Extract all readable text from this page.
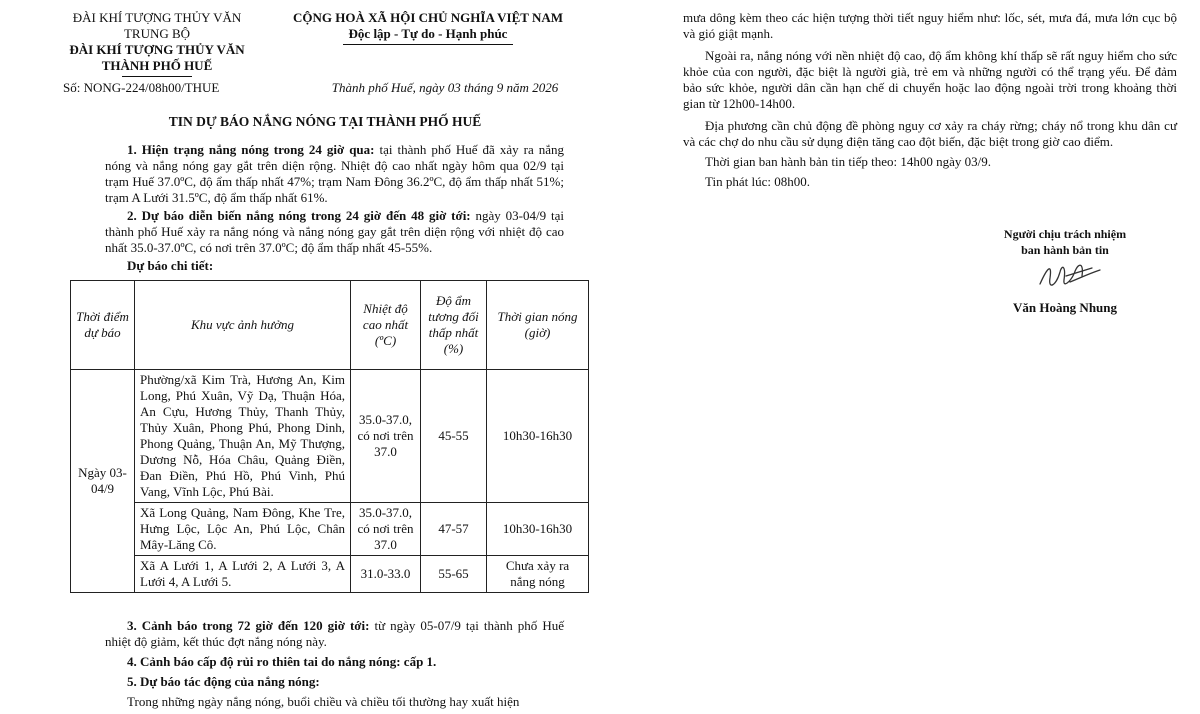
ĐÀI KHÍ TƯỢNG THỦY VĂN
TRUNG BỘ
ĐÀI KHÍ TƯỢNG THỦY VĂN
THÀNH PHỐ HUẾ
CỘNG HOÀ XÃ HỘI CHỦ NGHĨA VIỆT NAM
Độc lập - Tự do - Hạnh phúc
Số: NONG-224/08h00/THUE	Thành phố Huế, ngày 03 tháng 9 năm 2026
TIN DỰ BÁO NẮNG NÓNG TẠI THÀNH PHỐ HUẾ

1. Hiện trạng nắng nóng trong 24 giờ qua: tại thành phố Huế đã xảy ra nắng nóng và nắng nóng gay gắt trên diện rộng. Nhiệt độ cao nhất ngày hôm qua 02/9 tại trạm Huế 37.0ºC, độ ẩm thấp nhất 47%; trạm Nam Đông 36.2ºC, độ ẩm thấp nhất 51%; trạm A Lưới 31.5ºC, độ ẩm thấp nhất 61%.

2. Dự báo diễn biến nắng nóng trong 24 giờ đến 48 giờ tới: ngày 03-04/9 tại thành phố Huế xảy ra nắng nóng và nắng nóng gay gắt trên diện rộng với nhiệt độ cao nhất 35.0-37.0ºC, có nơi trên 37.0ºC; độ ẩm thấp nhất 45-55%.

Dự báo chi tiết:

Thời điểm dự báo	Khu vực ảnh hưởng	Nhiệt độ cao nhất (ºC)	Độ ẩm tương đối thấp nhất (%)	Thời gian nóng (giờ)
Ngày 03-04/9	Phường/xã Kim Trà, Hương An, Kim Long, Phú Xuân, Vỹ Dạ, Thuận Hóa, An Cựu, Hương Thủy, Thanh Thủy, Thủy Xuân, Phong Phú, Phong Dinh, Phong Quảng, Thuận An, Mỹ Thượng, Dương Nỗ, Hóa Châu, Quảng Điền, Đan Điền, Phú Hồ, Phú Vinh, Phú Vang, Vĩnh Lộc, Phú Bài.	35.0-37.0, có nơi trên 37.0	45-55	10h30-16h30
	Xã Long Quảng, Nam Đông, Khe Tre, Hưng Lộc, Lộc An, Phú Lộc, Chân Mây-Lăng Cô.	35.0-37.0, có nơi trên 37.0	47-57	10h30-16h30
	Xã A Lưới 1, A Lưới 2, A Lưới 3, A Lưới 4, A Lưới 5.	31.0-33.0	55-65	Chưa xảy ra nắng nóng

3. Cảnh báo trong 72 giờ đến 120 giờ tới: từ ngày 05-07/9 tại thành phố Huế nhiệt độ giảm, kết thúc đợt nắng nóng này.

4. Cảnh báo cấp độ rủi ro thiên tai do nắng nóng: cấp 1.

5. Dự báo tác động của nắng nóng:

Trong những ngày nắng nóng, buổi chiều và chiều tối thường hay xuất hiện

mưa dông kèm theo các hiện tượng thời tiết nguy hiểm như: lốc, sét, mưa đá, mưa lớn cục bộ và gió giật mạnh.

Ngoài ra, nắng nóng với nền nhiệt độ cao, độ ẩm không khí thấp sẽ rất nguy hiểm cho sức khỏe của con người, đặc biệt là người già, trẻ em và những người có thể trạng yếu. Để đảm bảo sức khỏe, người dân cần hạn chế di chuyển hoặc lao động ngoài trời trong khoảng thời gian từ 12h00-14h00.

Địa phương cần chủ động đề phòng nguy cơ xảy ra cháy rừng; cháy nổ trong khu dân cư và các chợ do nhu cầu sử dụng điện tăng cao đột biến, đặc biệt trong giờ cao điểm.

Thời gian ban hành bản tin tiếp theo: 14h00 ngày 03/9.

Tin phát lúc: 08h00.

Người chịu trách nhiệm
ban hành bản tin
Văn Hoàng Nhung
